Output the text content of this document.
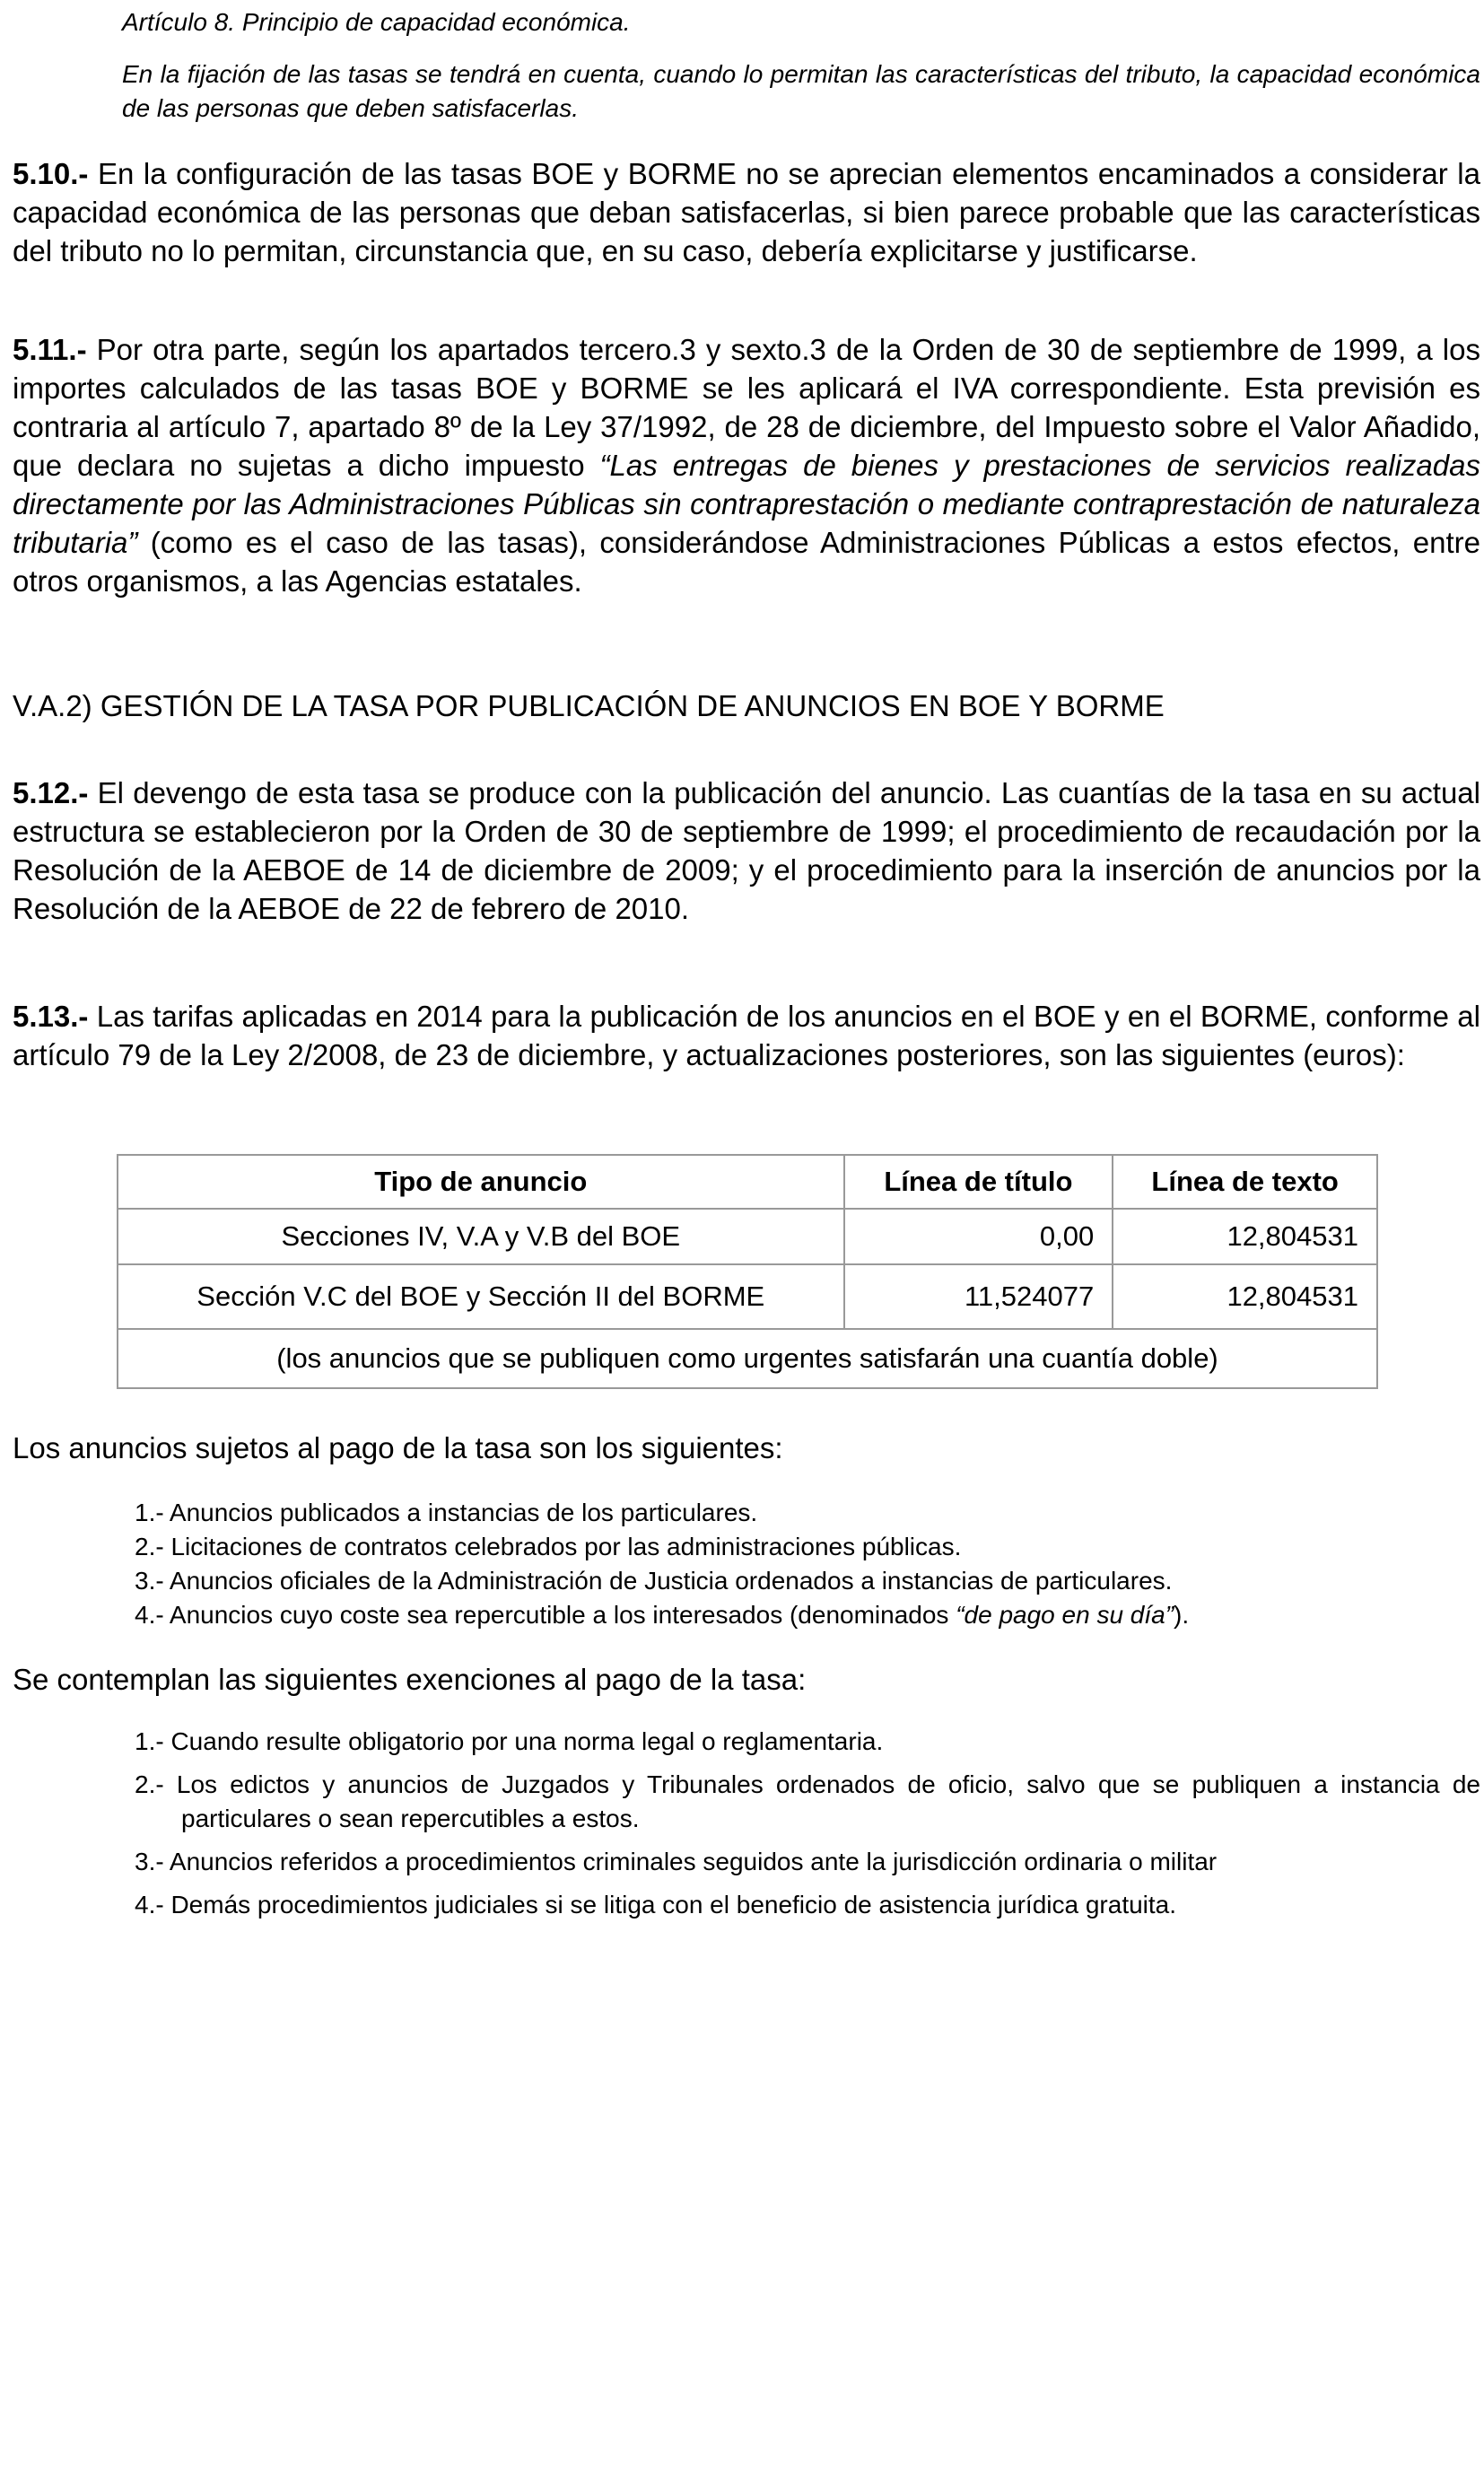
Artículo 8. Principio de capacidad económica.

En la fijación de las tasas se tendrá en cuenta, cuando lo permitan las características del tributo, la capacidad económica de las personas que deben satisfacerlas.

5.10.- En la configuración de las tasas BOE y BORME no se aprecian elementos encaminados a considerar la capacidad económica de las personas que deban satisfacerlas, si bien parece probable que las características del tributo no lo permitan, circunstancia que, en su caso, debería explicitarse y justificarse.

5.11.- Por otra parte, según los apartados tercero.3 y sexto.3 de la Orden de 30 de septiembre de 1999, a los importes calculados de las tasas BOE y BORME se les aplicará el IVA correspondiente. Esta previsión es contraria al artículo 7, apartado 8º de la Ley 37/1992, de 28 de diciembre, del Impuesto sobre el Valor Añadido, que declara no sujetas a dicho impuesto “Las entregas de bienes y prestaciones de servicios realizadas directamente por las Administraciones Públicas sin contraprestación o mediante contraprestación de naturaleza tributaria” (como es el caso de las tasas), considerándose Administraciones Públicas a estos efectos, entre otros organismos, a las Agencias estatales.

V.A.2) GESTIÓN DE LA TASA POR PUBLICACIÓN DE ANUNCIOS EN BOE Y BORME

5.12.- El devengo de esta tasa se produce con la publicación del anuncio. Las cuantías de la tasa en su actual estructura se establecieron por la Orden de 30 de septiembre de 1999; el procedimiento de recaudación por la Resolución de la AEBOE de 14 de diciembre de 2009; y el procedimiento para la inserción de anuncios por la Resolución de la AEBOE de 22 de febrero de 2010.

5.13.- Las tarifas aplicadas en 2014 para la publicación de los anuncios en el BOE y en el BORME, conforme al artículo 79 de la Ley 2/2008, de 23 de diciembre, y actualizaciones posteriores, son las siguientes (euros):

Tipo de anuncio	Línea de título	Línea de texto
Secciones IV, V.A y V.B del BOE	0,00	12,804531
Sección V.C del BOE y Sección II del BORME	11,524077	12,804531
(los anuncios que se publiquen como urgentes satisfarán una cuantía doble)		

Los anuncios sujetos al pago de la tasa son los siguientes:

1.- Anuncios publicados a instancias de los particulares.

2.- Licitaciones de contratos celebrados por las administraciones públicas.

3.- Anuncios oficiales de la Administración de Justicia ordenados a instancias de particulares.

4.- Anuncios cuyo coste sea repercutible a los interesados (denominados “de pago en su día”).

Se contemplan las siguientes exenciones al pago de la tasa:

1.- Cuando resulte obligatorio por una norma legal o reglamentaria.

2.- Los edictos y anuncios de Juzgados y Tribunales ordenados de oficio, salvo que se publiquen a instancia de particulares o sean repercutibles a estos.

3.- Anuncios referidos a procedimientos criminales seguidos ante la jurisdicción ordinaria o militar

4.- Demás procedimientos judiciales si se litiga con el beneficio de asistencia jurídica gratuita.
